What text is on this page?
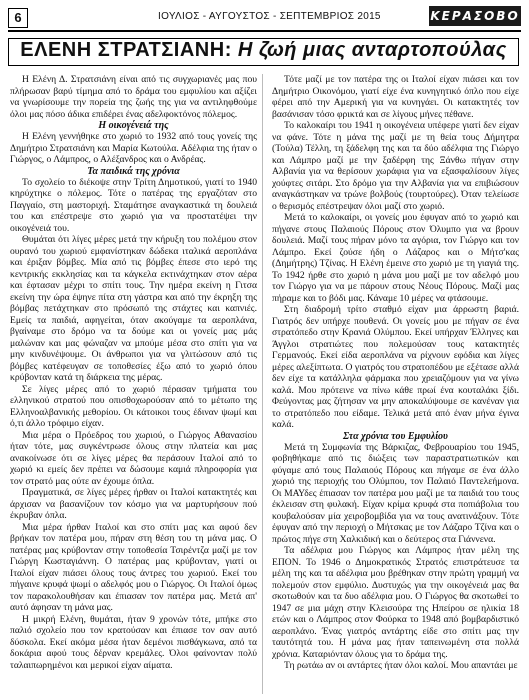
6	ΙΟΥΛΙΟΣ - ΑΥΓΟΥΣΤΟΣ - ΣΕΠΤΕΜΒΡΙΟΣ 2015	ΚΕΡΑΣΟΒΟ
ΕΛΕΝΗ ΣΤΡΑΤΣΙΑΝΗ: Η ζωή μιας ανταρτοπούλας

Η Ελένη Δ. Στρατσιάνη είναι από τις συγχωριανές μας που πλήρωσαν βαρύ τίμημα από το δράμα του εμφυλίου και αξίζει να γνωρίσουμε την πορεία της ζωής της για να αντιληφθούμε όλοι μας πόσο άδικα επιδέρει ένας αδελφοκτόνος πόλεμος.

Η οικογένειά της

Η Ελένη γεννήθηκε στο χωριό το 1932 από τους γονείς της Δημήτριο Στρατσιάνη και Μαρία Κωτούλα. Αδέλφια της ήταν ο Γιώργος, ο Λάμπρος, ο Αλέξανδρος και ο Ανδρέας.

Τα παιδικά της χρόνια

Το σχολείο το διέκοψε στην Τρίτη Δημοτικού, γιατί το 1940 κηρύχτηκε ο πόλεμος. Τότε ο πατέρας της εργαζόταν στο Παγγαίο, στη μαστοριχή. Σταμάτησε αναγκαστικά τη δουλειά του και επέστρεψε στο χωριό για να προστατέψει την οικογένειά του.

Θυμάται ότι λίγες μέρες μετά την κήρυξη του πολέμου στον ουρανό του χωριού εμφανίστηκαν δώδεκα ιταλικά αεροπλάνα και έριξαν βόμβες. Μία από τις βόμβες έπεσε στο ιερό της κεντρικής εκκλησίας και τα κάγκελα εκτινάχτηκαν στον αέρα και έφτασαν μέχρι το σπίτι τους. Την ημέρα εκείνη η Γιτσα εκείνη την ώρα έψηνε πίτα στη γάστρα και από την έκρηξη της βόμβας πετάχτηκαν στο πρόσωπό της στάχτες και καπνιές. Εμείς τα παιδιά, αφηγείται, όταν ακούγαμε τα αεροπλάνα, βγαίναμε στο δρόμο να τα δούμε και οι γονείς μας μάς μαλώναν και μας φώναζαν να μπούμε μέσα στο σπίτι για να μην κινδυνέψουμε. Οι άνθρωποι για να γλιτώσουν από τις βόμβες κατέφευγαν σε τοποθεσίες έξω από το χωριό όπου κρύβονταν κατά τη διάρκεια της μέρας.

Σε λίγες μέρες από το χωριό πέρασαν τμήματα του ελληνικού στρατού που οπισθοχωρούσαν από το μέτωπο της Ελληνοαλβανικής μεθορίου. Οι κάτοικοι τους έδιναν ψωμί και ό,τι άλλο τρόφιμο είχαν.

Μια μέρα ο Πρόεδρος του χωριού, ο Γιώργος Αθανασίου ήταν τότε, μας συγκέντρωσε όλους στην πλατεία και μας ανακοίνωσε ότι σε λίγες μέρες θα περάσουν Ιταλοί από το χωριό κι εμείς δεν πρέπει να δώσουμε καμιά πληροφορία για τον στρατό μας ούτε αν έχουμε όπλα.

Πραγματικά, σε λίγες μέρες ήρθαν οι Ιταλοί κατακτητές και άρχισαν να βασανίζουν τον κόσμο για να μαρτυρήσουν πού έκρυβαν όπλα.

Μια μέρα ήρθαν Ιταλοί και στο σπίτι μας και αφού δεν βρήκαν τον πατέρα μου, πήραν στη θέση του τη μάνα μας. Ο πατέρας μας κρύβονταν στην τοποθεσία Τσιρέντζα μαζί με τον Γιώργη Κωσταγιάννη. Ο πατέρας μας κρύβονταν, γιατί οι Ιταλοί είχαν πιάσει όλους τους άντρες του χωριού. Εκεί του πήγαινε κρυφά ψωμί ο αδελφός μου ο Γιώργος. Οι Ιταλοί όμως τον παρακολουθήσαν και έπιασαν τον πατέρα μας. Μετά απ' αυτό άφησαν τη μάνα μας.

Η μικρή Ελένη, θυμάται, ήταν 9 χρονών τότε, μπήκε στο παλιό σχολείο που τον κρατούσαν και έπιασε τον σαν αυτό δύσκολα. Εκεί ακόμα μέσα ήταν δεμένοι πισθάγκωνα, από τα δοκάρια αφού τους δέρναν κρεμάλες. Όλοι φαίνονταν πολύ ταλαιπωρημένοι και μερικοί είχαν αίματα.

Τότε μαζί με τον πατέρα της οι Ιταλοί είχαν πιάσει και τον Δημήτριο Οικονόμου, γιατί είχε ένα κυνηγητικό όπλο που είχε φέρει από την Αμερική για να κυνηγάει. Οι κατακτητές τον βασάνισαν τόσο φρικτά και σε λίγους μήνες πέθανε.

Το καλοκαίρι του 1941 η οικογένεια υπέφερε γιατί δεν είχαν να φάνε. Τότε η μάνα της μαζί με τη θεία τους Δήμητρα (Τούλα) Τέλλη, τη ξάδελφη της και τα δύο αδέλφια της Γιώργο και Λάμπρο μαζί με την ξαδέρφη της Ξάνθω πήγαν στην Αλβανία για να θερίσουν χωράφια για να εξασφαλίσουν λίγες χούφτες σιτάρι. Στο δρόμο για την Αλβανία για να επιβιώσουν αναγκάστηκαν να τρώνε βολβούς (τουρτούρες). Όταν τελείωσε ο θερισμός επέστρεψαν όλοι μαζί στο χωριό.

Μετά το καλοκαίρι, οι γονείς μου έφυγαν από το χωριό και πήγανε στους Παλαιούς Πόρους στον Όλυμπο για να βρουν δουλειά. Μαζί τους πήραν μόνο τα αγόρια, τον Γιώργο και τον Λάμπρο. Εκεί ζούσε ήδη ο Λάζαρος και ο Μήτσ'κας (Δημήτρης) Τζίνας. Η Ελένη έμεινε στο χωριό με τη γιαγιά της. Το 1942 ήρθε στο χωριό η μάνα μου μαζί με τον αδελφό μου τον Γιώργο για να με πάρουν στους Νέους Πόρους. Μαζί μας πήραμε και το βόδι μας. Κάναμε 10 μέρες να φτάσουμε.

Στη διαδρομή τρίτο σταθμό είχαν μια άρρωστη βαριά. Γιατρός δεν υπήρχε πουθενά. Οι γονείς μου με πήγαν σε ένα στρατόπεδο στην Κρανιά Ολύμπου. Εκεί υπήρχαν Έλληνες και Άγγλοι στρατιώτες που πολεμούσαν τους κατακτητές Γερμανούς. Εκεί είδα αεροπλάνα να ρίχνουν εφόδια και λίγες μέρες αλεξίπτωτα. Ο γιατρός του στρατοπέδου με εξέτασε αλλά δεν είχε τα κατάλληλα φάρμακα που χρειαζόμουν για να γίνω καλά. Μου πρότεινε να πίνω κάθε πρωί ένα κουταλάκι ξίδι. Φεύγοντας μας ζήτησαν να μην αποκαλύψουμε σε κανέναν για το στρατόπεδο που είδαμε. Τελικά μετά από έναν μήνα έγινα καλά.

Στα χρόνια του Εμφυλίου

Μετά τη Συμφωνία της Βάρκιζας, Φεβρουαρίου του 1945, φοβηθήκαμε από τις διώξεις των παραστρατιωτικών και φύγαμε από τους Παλαιούς Πόρους και πήγαμε σε ένα άλλο χωριό της περιοχής του Ολύμπου, τον Παλαιό Παντελεήμονα. Οι ΜΑΥδες έπιασαν τον πατέρα μου μαζί με τα παιδιά του τους έκλεισαν στη φυλακή. Είχαν κρίμα κρυφά στα ποπιάβολια του κουβαλούσαν μία χειροβομβίδα για να τους ανατινάξουν. Τότε έφυγαν από την περιοχή ο Μήτσκας με τον Λάζαρο Τζίνα και ο πρώτος πήγε στη Χαλκιδική και ο δεύτερος στα Γιάννενα.

Τα αδέλφια μου Γιώργος και Λάμπρος ήταν μέλη της ΕΠΟΝ. Το 1946 ο Δημοκρατικός Στρατός επιστράτευσε τα μέλη της και τα αδέλφια μου βρέθηκαν στην πρώτη γραμμή να πολεμούν στον εμφύλιο. Δυστυχώς για την οικογένειά μας θα σκοτωθούν και τα δυο αδέλφια μου. Ο Γιώργος θα σκοτωθεί το 1947 σε μια μάχη στην Κλεισούρα της Ηπείρου σε ηλικία 18 ετών και ο Λάμπρος στον Φούρκα το 1948 από βομβαρδιστικό αεροπλάνο. Ένας γιατρός αντάρτης είδε στο σπίτι μας την ταυτότητά του. Η μάνα μας ήταν ταπεινωμένη στα πολλά χρόνια. Καταριόνταν όλους για το δράμα της.

Τη ρωτάω αν οι αντάρτες ήταν όλοι καλοί. Μου απαντάει με
